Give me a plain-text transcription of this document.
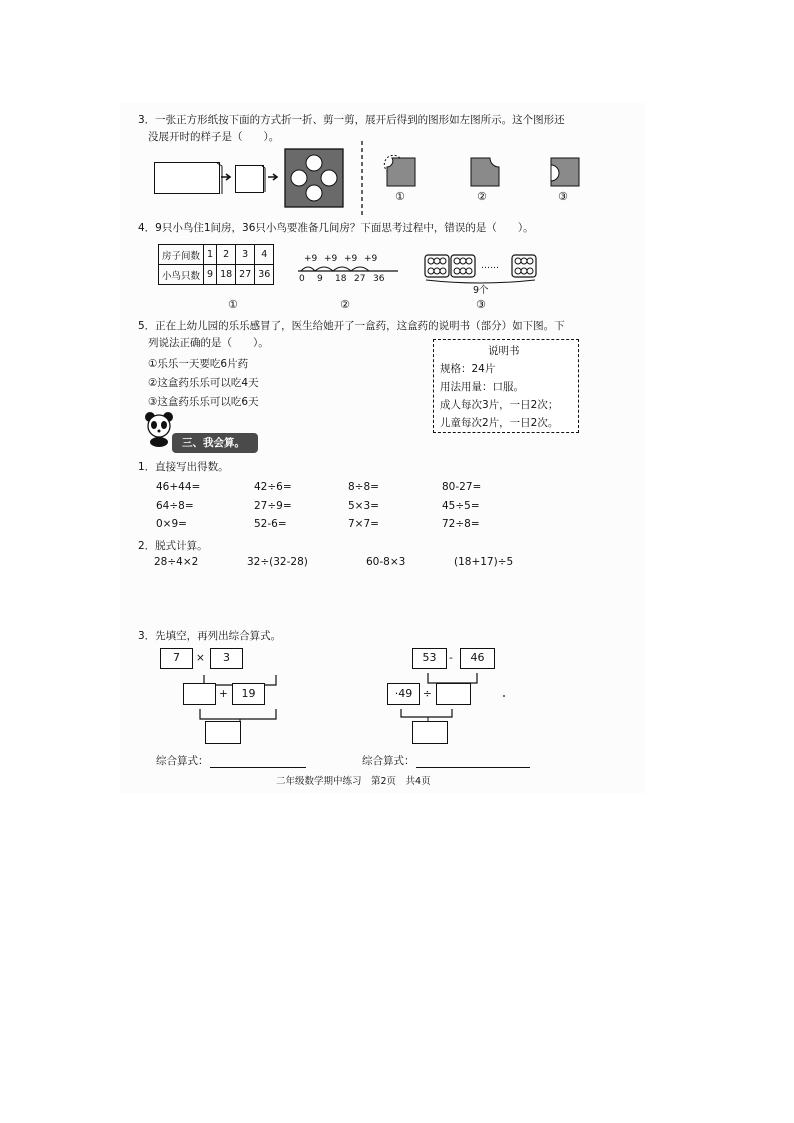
3．一张正方形纸按下面的方式折一折、剪一剪，展开后得到的图形如左图所示。这个图形还
没展开时的样子是（　　）。
①	②	③
4．9只小鸟住1间房，36只小鸟要准备几间房？下面思考过程中，错误的是（　　）。
房子间数	1	2	3	4
小鸟只数	9	18	27	36
①
+9 +9 +9 +9
0 9 18 27 36
②
……
9个
③
5．正在上幼儿园的乐乐感冒了，医生给她开了一盒药，这盒药的说明书（部分）如下图。下
列说法正确的是（　　）。
①乐乐一天要吃6片药
②这盒药乐乐可以吃4天
③这盒药乐乐可以吃6天
说明书
规格：24片
用法用量：口服。
成人每次3片，一日2次；
儿童每次2片，一日2次。
三、我会算。
1．直接写出得数。
46+44=	42÷6=	8÷8=	80-27=
64÷8=	27÷9=	5×3=	45÷5=
0×9=	52-6=	7×7=	72÷8=
2．脱式计算。
28÷4×2	32÷(32-28)	60-8×3	(18+17)÷5
3．先填空，再列出综合算式。
7	×	3
+	19
53	-	46
·49	÷
综合算式：	综合算式：
二年级数学期中练习　第2页　共4页
